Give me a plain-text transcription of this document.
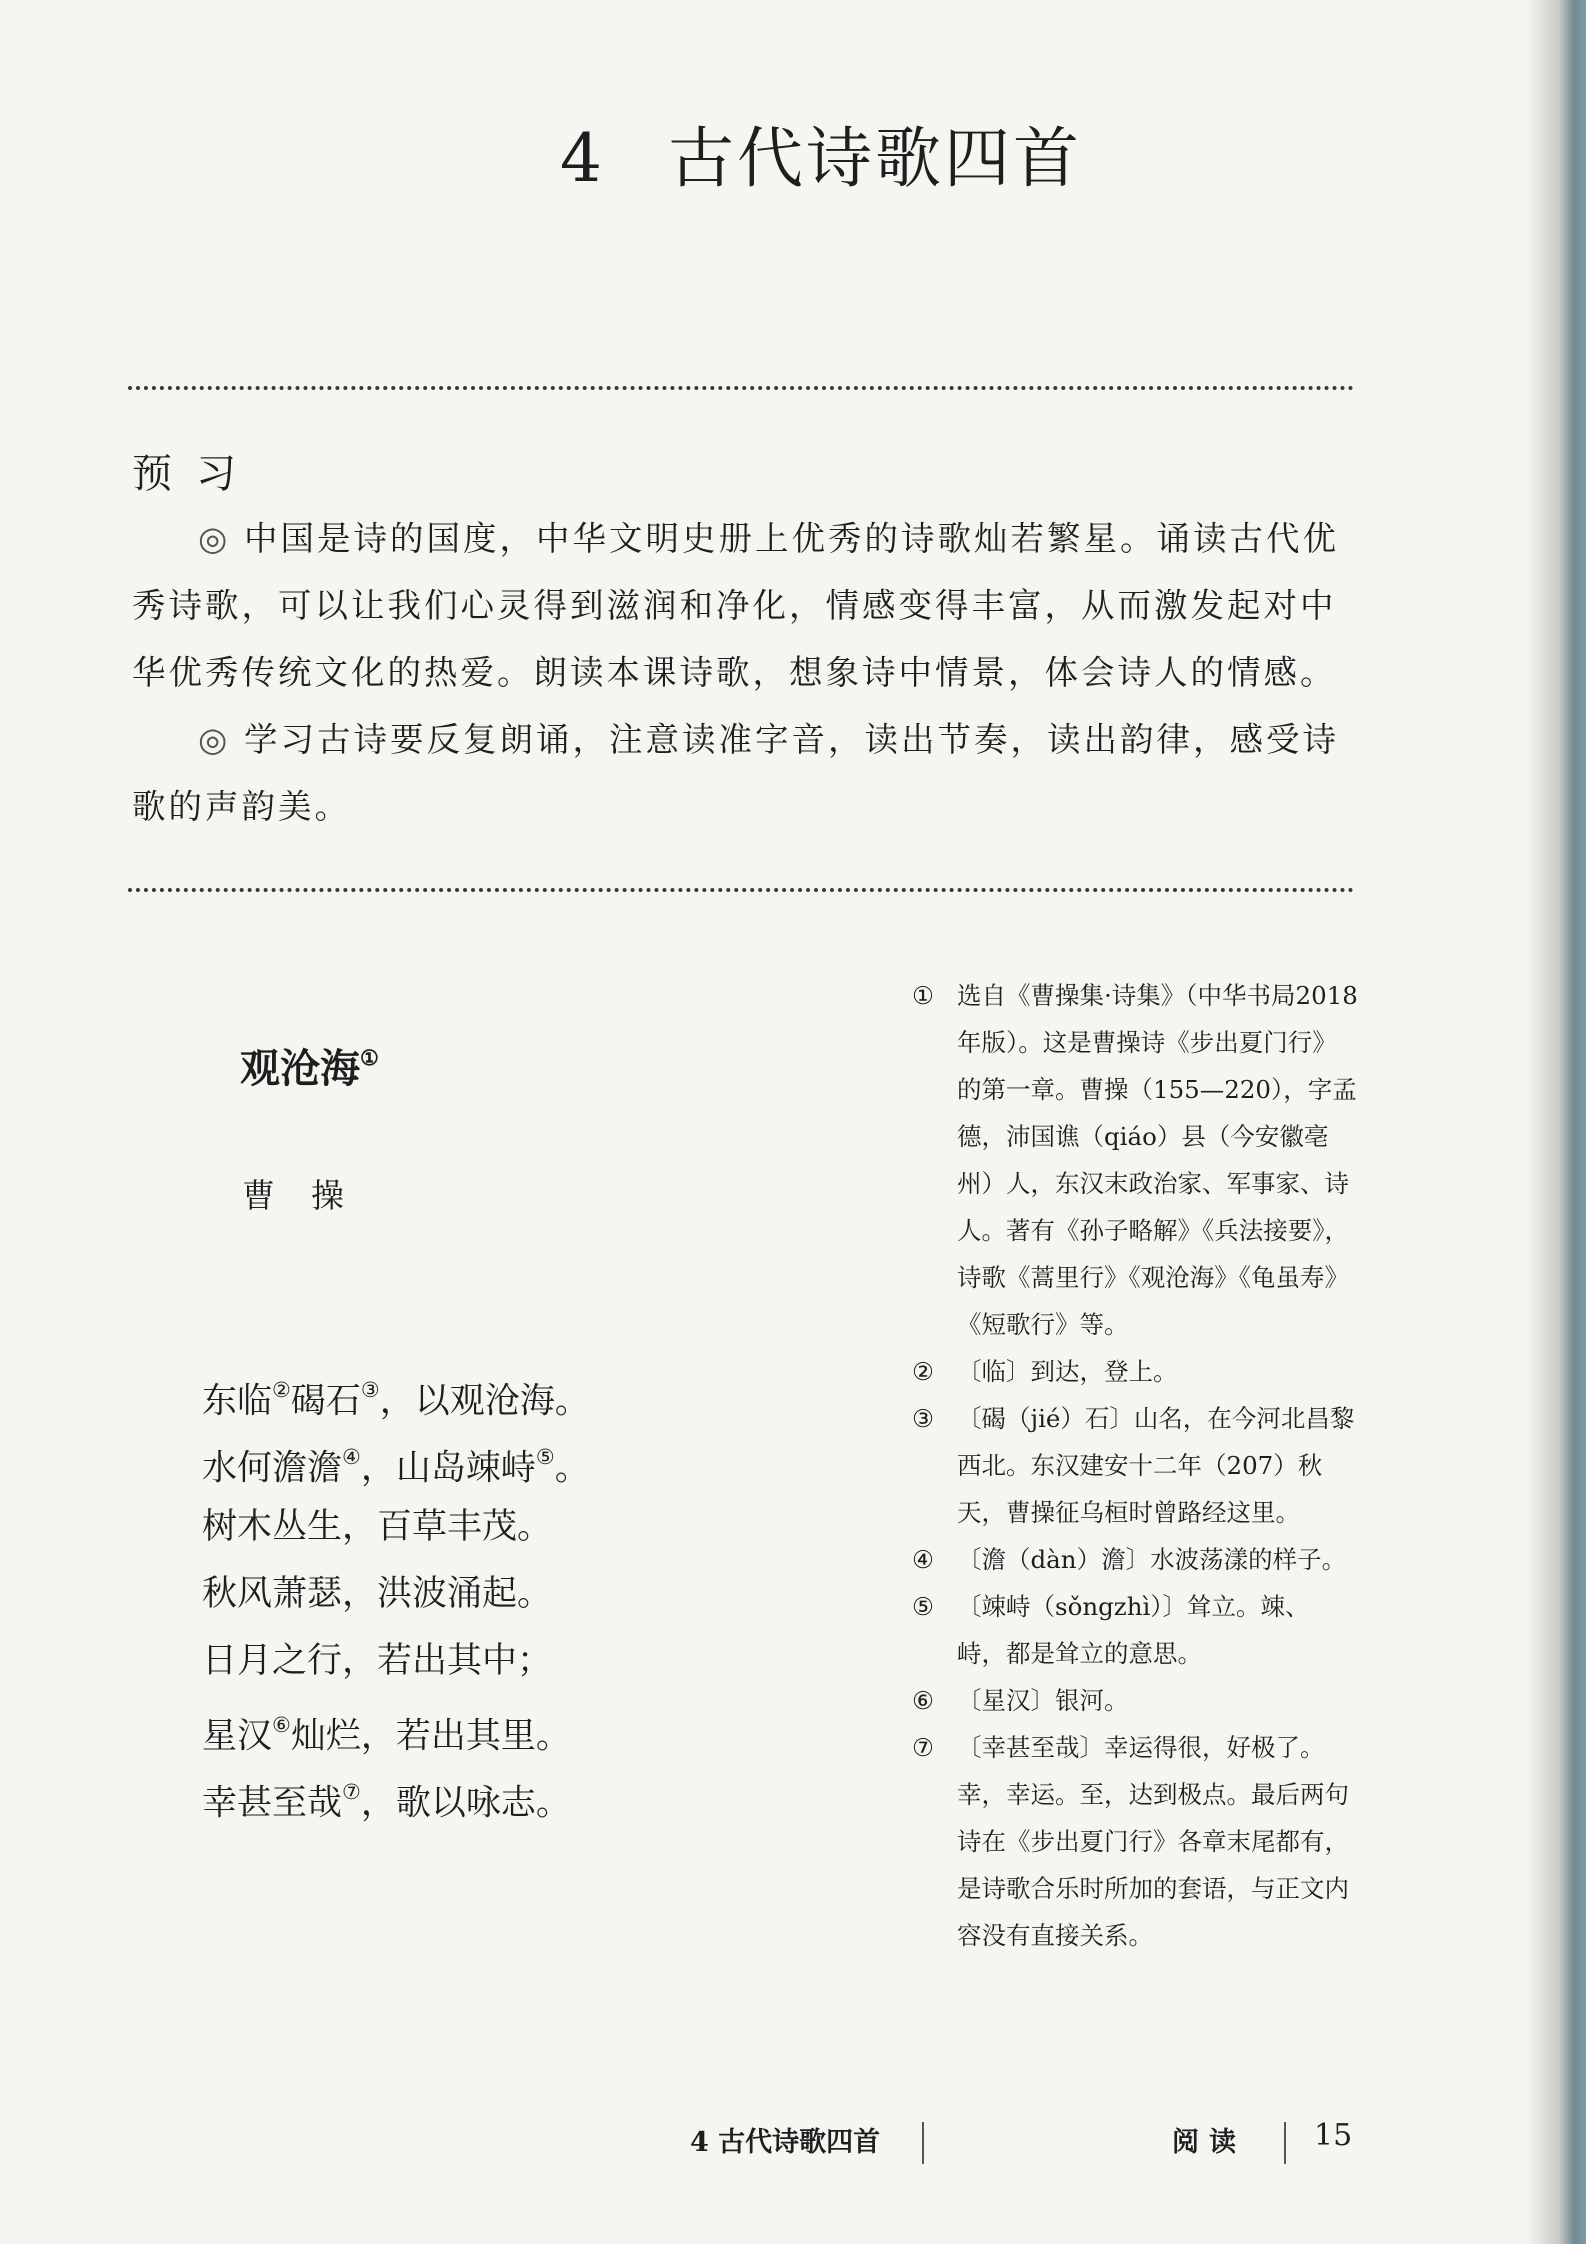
4 古代诗歌四首
预习

◎ 中国是诗的国度，中华文明史册上优秀的诗歌灿若繁星。诵读古代优秀诗歌，可以让我们心灵得到滋润和净化，情感变得丰富，从而激发起对中华优秀传统文化的热爱。朗读本课诗歌，想象诗中情景，体会诗人的情感。

◎ 学习古诗要反复朗诵，注意读准字音，读出节奏，读出韵律，感受诗歌的声韵美。

观沧海①
曹操
东临②碣石③，以观沧海。
水何澹澹④，山岛竦峙⑤。
树木丛生，百草丰茂。
秋风萧瑟，洪波涌起。
日月之行，若出其中；
星汉⑥灿烂，若出其里。
幸甚至哉⑦，歌以咏志。
① 选自《曹操集·诗集》（中华书局2018年版）。这是曹操诗《步出夏门行》的第一章。曹操（155—220），字孟德，沛国谯（qiáo）县（今安徽亳州）人，东汉末政治家、军事家、诗人。著有《孙子略解》《兵法接要》，诗歌《蒿里行》《观沧海》《龟虽寿》《短歌行》等。
② 〔临〕到达，登上。
③ 〔碣（jié）石〕山名，在今河北昌黎西北。东汉建安十二年（207）秋天，曹操征乌桓时曾路经这里。
④ 〔澹（dàn）澹〕水波荡漾的样子。
⑤ 〔竦峙（sǒngzhì）〕耸立。竦、峙，都是耸立的意思。
⑥ 〔星汉〕银河。
⑦ 〔幸甚至哉〕幸运得很，好极了。幸，幸运。至，达到极点。最后两句诗在《步出夏门行》各章末尾都有，是诗歌合乐时所加的套语，与正文内容没有直接关系。
4 古代诗歌四首	阅读 15
